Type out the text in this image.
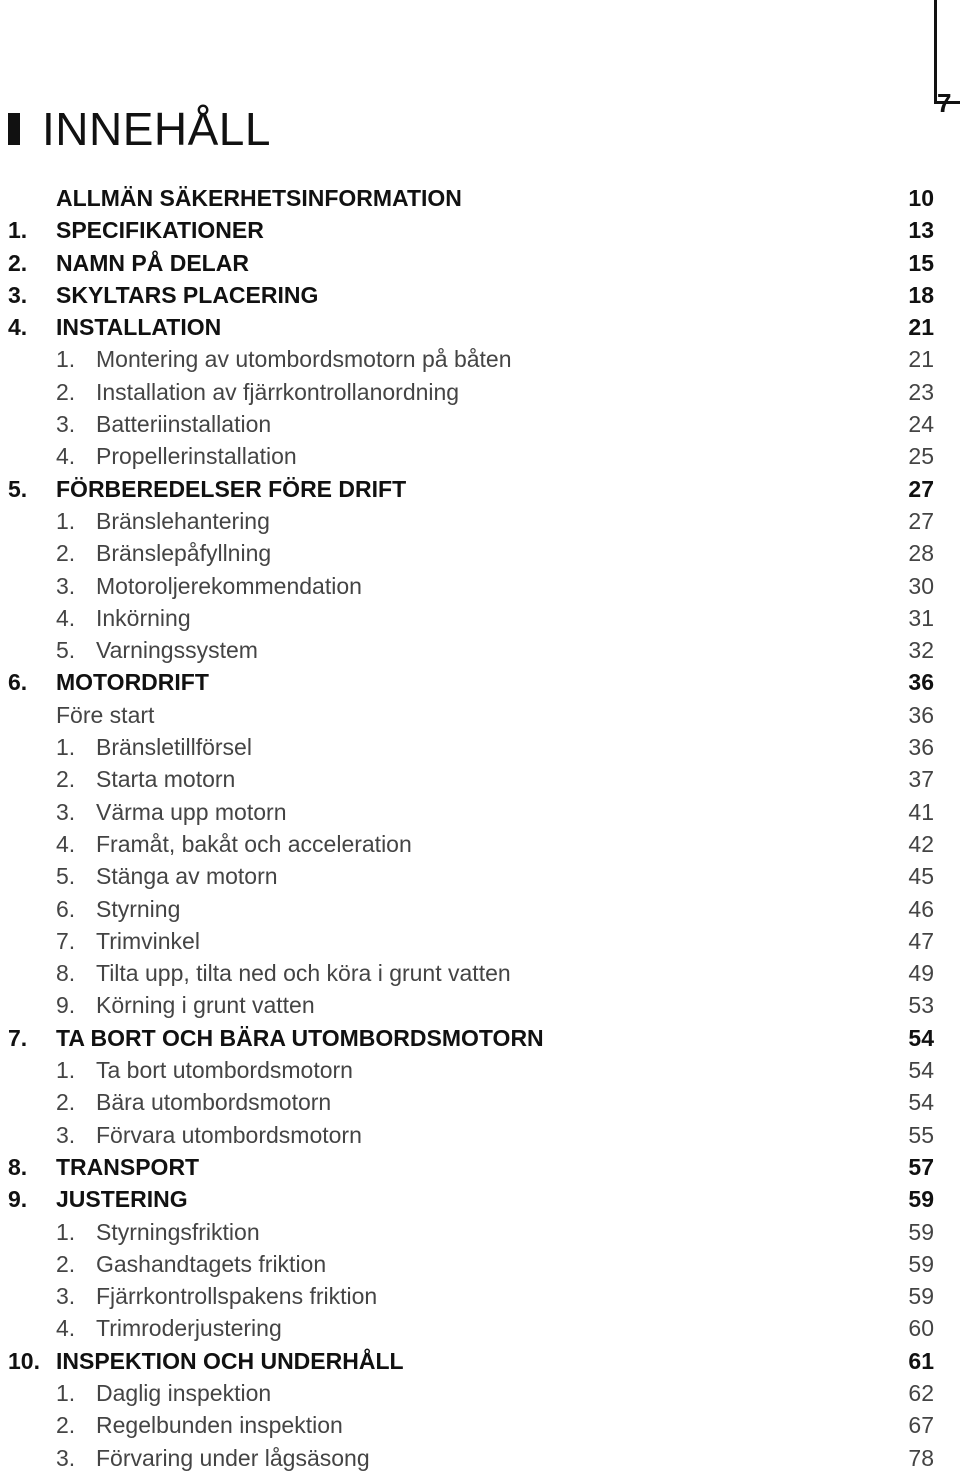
7
INNEHÅLL
ALLMÄN SÄKERHETSINFORMATION	10
1. SPECIFIKATIONER	13
2. NAMN PÅ DELAR	15
3. SKYLTARS PLACERING	18
4. INSTALLATION	21
1. Montering av utombordsmotorn på båten	21
2. Installation av fjärrkontrollanordning	23
3. Batteriinstallation	24
4. Propellerinstallation	25
5. FÖRBEREDELSER FÖRE DRIFT	27
1. Bränslehantering	27
2. Bränslepåfyllning	28
3. Motoroljerekommendation	30
4. Inkörning	31
5. Varningssystem	32
6. MOTORDRIFT	36
Före start	36
1. Bränsletillförsel	36
2. Starta motorn	37
3. Värma upp motorn	41
4. Framåt, bakåt och acceleration	42
5. Stänga av motorn	45
6. Styrning	46
7. Trimvinkel	47
8. Tilta upp, tilta ned och köra i grunt vatten	49
9. Körning i grunt vatten	53
7. TA BORT OCH BÄRA UTOMBORDSMOTORN	54
1. Ta bort utombordsmotorn	54
2. Bära utombordsmotorn	54
3. Förvara utombordsmotorn	55
8. TRANSPORT	57
9. JUSTERING	59
1. Styrningsfriktion	59
2. Gashandtagets friktion	59
3. Fjärrkontrollspakens friktion	59
4. Trimroderjustering	60
10. INSPEKTION OCH UNDERHÅLL	61
1. Daglig inspektion	62
2. Regelbunden inspektion	67
3. Förvaring under lågsäsong	78
